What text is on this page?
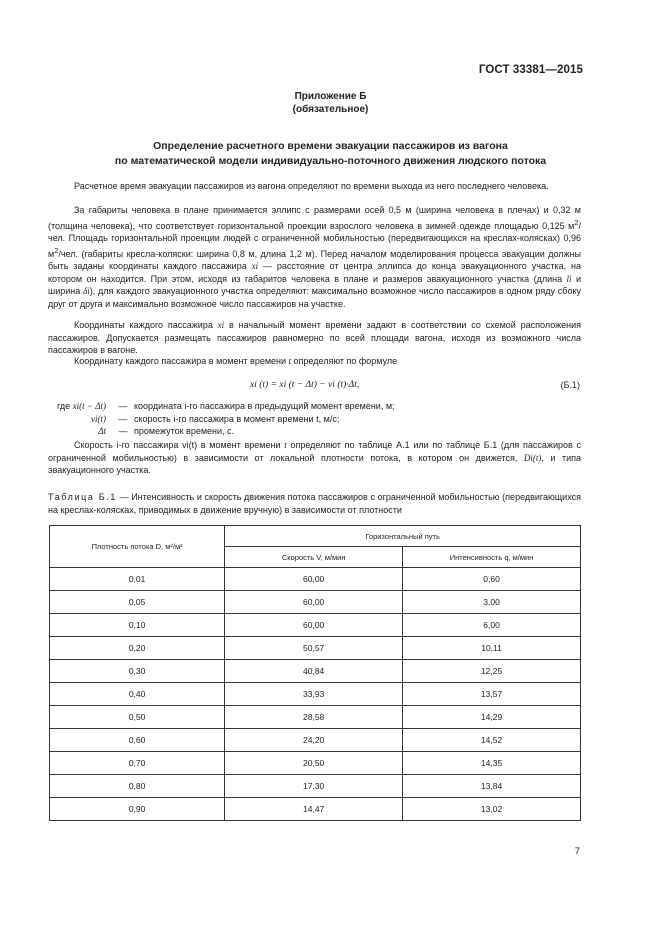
ГОСТ 33381—2015
Приложение Б
(обязательное)
Определение расчетного времени эвакуации пассажиров из вагона
по математической модели индивидуально-поточного движения людского потока
Расчетное время эвакуации пассажиров из вагона определяют по времени выхода из него последнего человека.
За габариты человека в плане принимается эллипс с размерами осей 0,5 м (ширина человека в плечах) и 0,32 м (толщина человека), что соответствует горизонтальной проекции взрослого человека в зимней одежде площадью 0,125 $м^2$/чел. Площадь горизонтальной проекции людей с ограниченной мобильностью (передвигающихся на креслах-колясках) 0,96 $м^2$/чел. (габариты кресла-коляски: ширина 0,8 м, длина 1,2 м). Перед началом моделирования процесса эвакуации должны быть заданы координаты каждого пассажира xi — расстояние от центра эллипса до конца эвакуационного участка, на котором он находится. При этом, исходя из габаритов человека в плане и размеров эвакуационного участка (длина li и ширина δi), для каждого эвакуационного участка определяют: максимально возможное число пассажиров в одном ряду сбоку друг от друга и максимально возможное число пассажиров на участке.
Координаты каждого пассажира xi в начальный момент времени задают в соответствии со схемой расположения пассажиров. Допускается размещать пассажиров равномерно по всей площади вагона, исходя из возможного числа пассажиров в вагоне.
Координату каждого пассажира в момент времени t определяют по формуле
xi (t) = xi (t − Δt) − vi (t)·Δt,	(Б.1)
где xi(t − Δt)	— координата i-го пассажира в предыдущий момент времени, м;
vi(t)	— скорость i-го пассажира в момент времени t, м/с;
Δt	— промежуток времени, с.
Скорость i-го пассажира vi(t) в момент времени t определяют по таблице А.1 или по таблице Б.1 (для пассажиров с ограниченной мобильностью) в зависимости от локальной плотности потока, в котором он движется, Di(t), и типа эвакуационного участка.
Таблица Б.1 — Интенсивность и скорость движения потока пассажиров с ограниченной мобильностью (передвигающихся на креслах-колясках, приводимых в движение вручную) в зависимости от плотности
Плотность потока D, м²/м²	Горизонтальный путь	
	Скорость V, м/мин	Интенсивность q, м/мин
0,01	60,00	0,60
0,05	60,00	3,00
0,10	60,00	6,00
0,20	50,57	10,11
0,30	40,84	12,25
0,40	33,93	13,57
0,50	28,58	14,29
0,60	24,20	14,52
0,70	20,50	14,35
0,80	17,30	13,84
0,90	14,47	13,02
7
